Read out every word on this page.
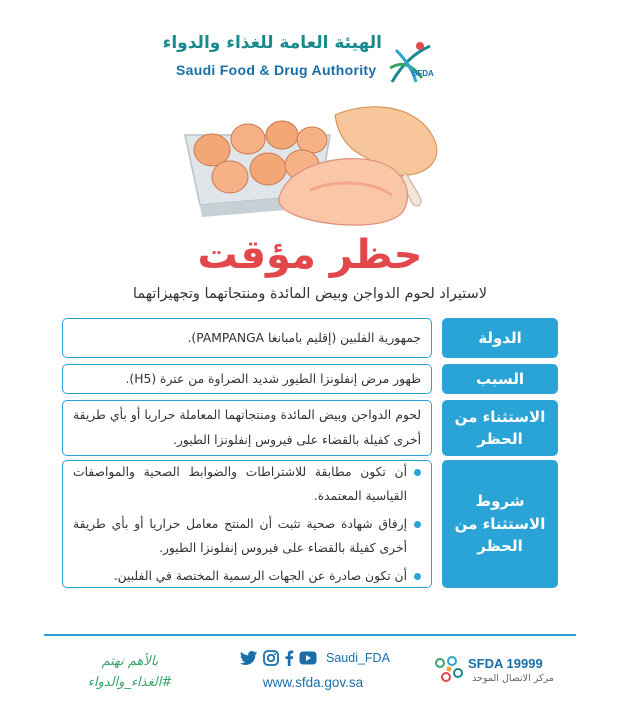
الهيئة العامة للغذاء والدواء
Saudi Food & Drug Authority	SFDA
حظر مؤقت
لاستيراد لحوم الدواجن وبيض المائدة ومنتجاتهما وتجهيزاتهما
الدولة
جمهورية الفلبين (إقليم بامبانغا PAMPANGA).
السبب
ظهور مرض إنفلونزا الطيور شديد الضراوة من عترة (H5).
الاستثناء من الحظر
لحوم الدواجن وبيض المائدة ومنتجاتهما المعاملة حراريا أو بأي طريقة أخرى كفيلة بالقضاء على فيروس إنفلونزا الطيور.
شروط الاستثناء من الحظر
أن تكون مطابقة للاشتراطات والضوابط الصحية والمواصفات القياسية المعتمدة.
إرفاق شهادة صحية تثبت أن المنتج معامل حراريا أو بأي طريقة أخرى كفيلة بالقضاء على فيروس إنفلونزا الطيور.
أن تكون صادرة عن الجهات الرسمية المختصة في الفلبين.
بالأهم نهتم
#الغذاء_والدواء
Saudi_FDA
www.sfda.gov.sa
SFDA 19999
مركز الاتصال الموحد
